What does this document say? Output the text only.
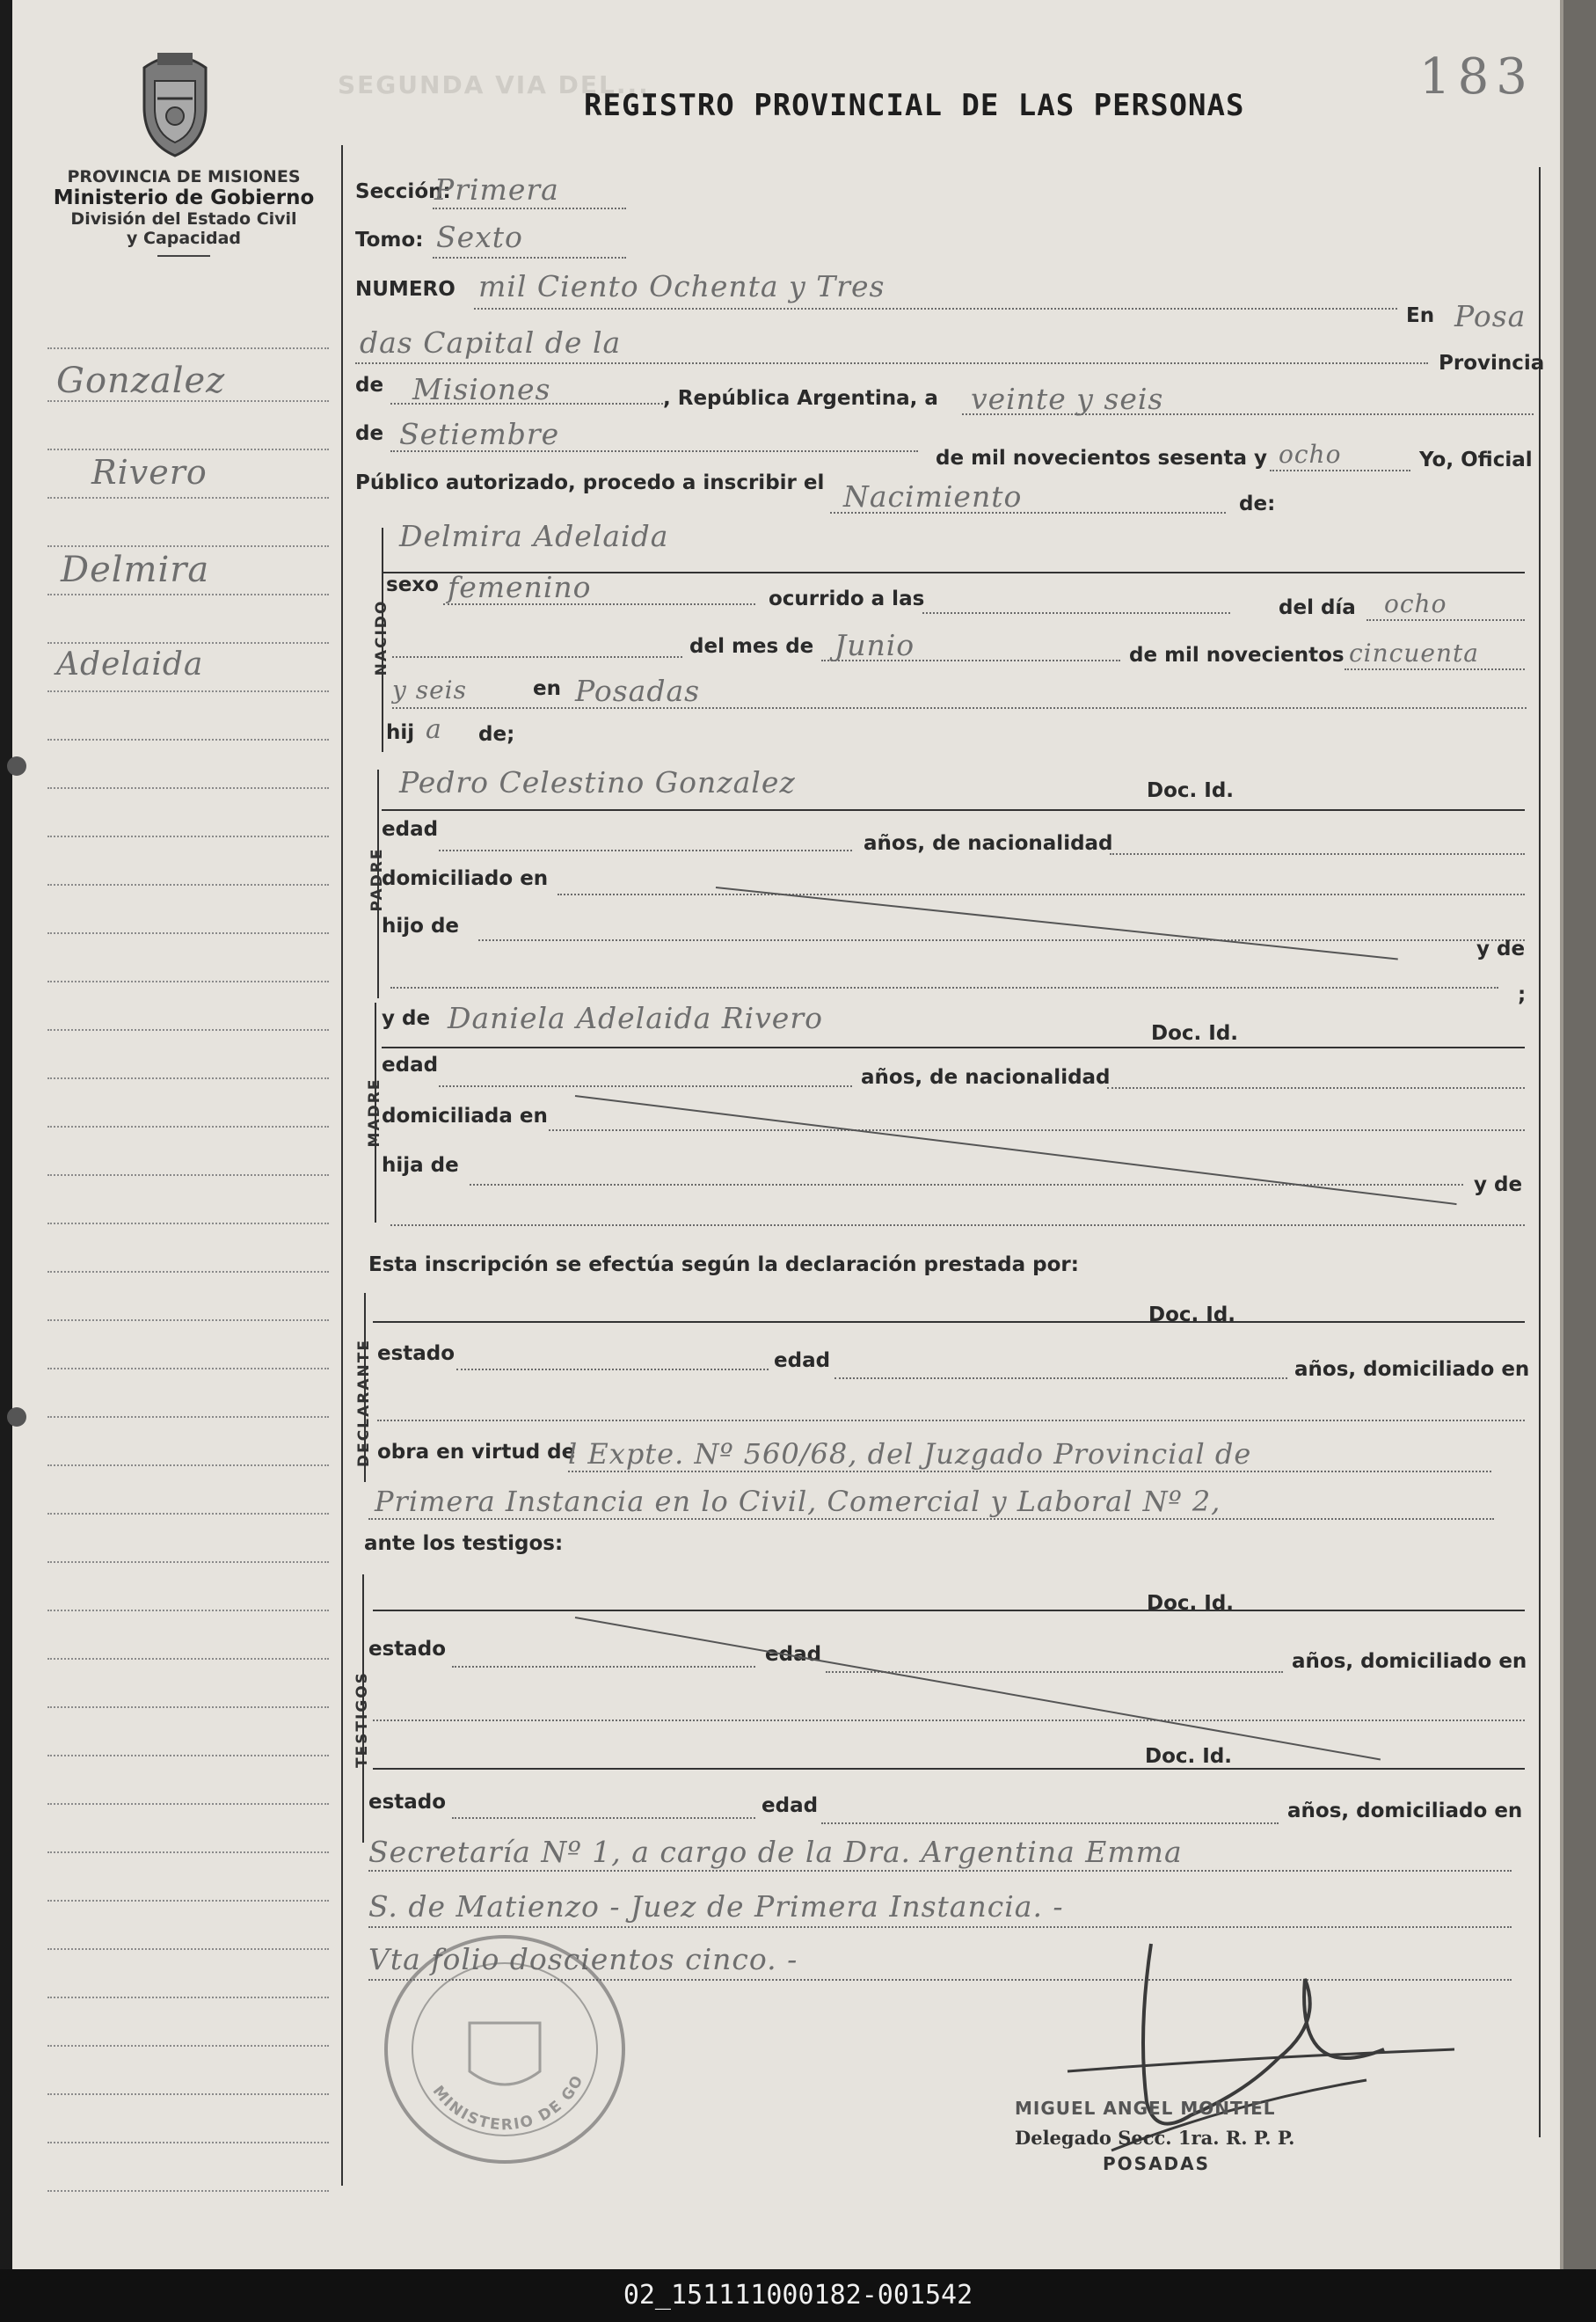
PROVINCIA DE MISIONES
Ministerio de Gobierno
División del Estado Civil
y Capacidad
SEGUNDA VIA DEL...
REGISTRO PROVINCIAL DE LAS PERSONAS	183
Gonzalez
Rivero
Delmira
Adelaida
Sección:
Primera
Tomo: Sexto
NUMERO mil Ciento Ochenta y Tres
En Posa
das Capital de la
Provincia
de Misiones	, República Argentina, a veinte y seis
de Setiembre
de mil novecientos sesenta y ocho	Yo, Oficial
Público autorizado, procedo a inscribir el Nacimiento	de:
NACIDO
Delmira Adelaida
sexo femenino	ocurrido a las	del día ocho
del mes de Junio	de mil novecientos cincuenta
y seis	en Posadas
hij a de;
PADRE
Pedro Celestino Gonzalez	Doc. Id.
edad
años, de nacionalidad
domiciliado en
hijo de
y de
;
MADRE
y de Daniela Adelaida Rivero	Doc. Id.
edad
años, de nacionalidad
domiciliada en
hija de
y de
Esta inscripción se efectúa según la declaración prestada por:
DECLARANTE
Doc. Id.
estado	edad	años, domiciliado en
obra en virtud de
l Expte. Nº 560/68, del Juzgado Provincial de
Primera Instancia en lo Civil, Comercial y Laboral Nº 2,
ante los testigos:
TESTIGOS
Doc. Id.
estado	edad	años, domiciliado en
Doc. Id.
estado	edad	años, domiciliado en
Secretaría Nº 1, a cargo de la Dra. Argentina Emma
S. de Matienzo - Juez de Primera Instancia. -
Vta folio doscientos cinco. -
MINISTERIO DE GO
MIGUEL ANGEL MONTIEL
Delegado Secc. 1ra. R. P. P.
POSADAS
02_151111000182-001542
